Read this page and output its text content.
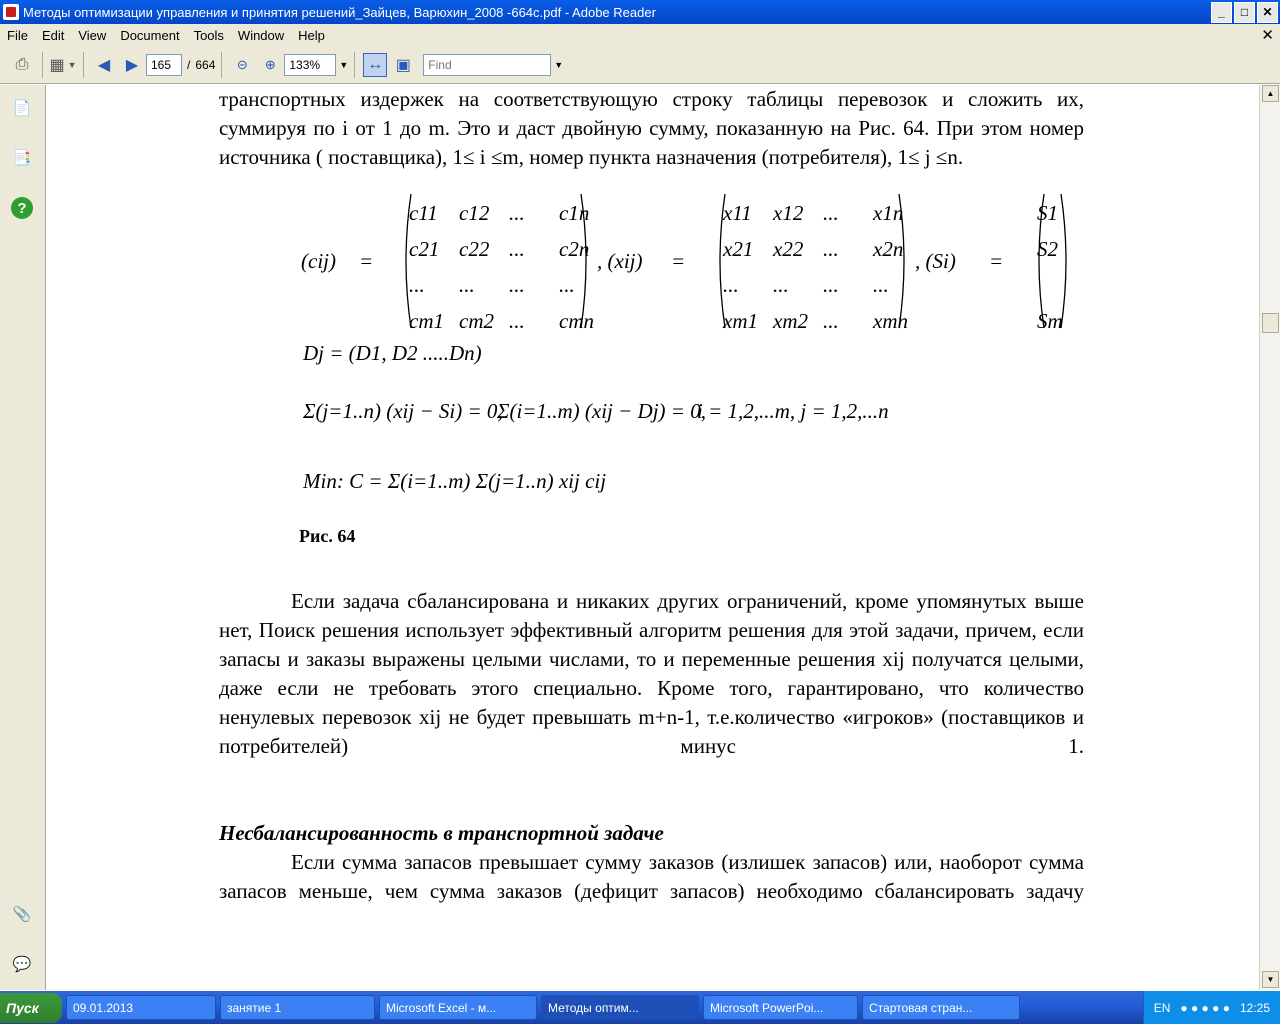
Методы оптимизации управления и принятия решений_Зайцев, Варюхин_2008 -664с.pdf - Adobe Reader	_	□	✕
File	Edit	View	Document	Tools	Window	Help	✕
⎙	▦ ▼	◀ ▶
165	/ 664	⊝	⊕
133%	▼ ↔ ▣
Find	▼
📄
📑
?
📎
💬
транспортных издержек на соответствующую строку таблицы перевозок и сложить их, суммируя по i от 1 до m. Это и даст двойную сумму, показанную на Рис. 64. При этом номер источника ( поставщика), 1≤ i ≤m, номер пункта назначения (потребителя), 1≤ j ≤n.
(cij) =
c11 c12 ... c1n
c21 c22 ... c2n
... ... ... ...
cm1 cm2 ... cmn
, (xij) =
x11 x12 ... x1n
x21 x22 ... x2n
... ... ... ...
xm1 xm2 ... xmn
, (Si) =
S1
S2
Sm
Dj = (D1, D2 .....Dn)
Σ(j=1..n) (xij − Si) = 0,
Σ(i=1..m) (xij − Dj) = 0,
i = 1,2,...m, j = 1,2,...n
Min: C = Σ(i=1..m) Σ(j=1..n) xij cij
Рис. 64
Если задача сбалансирована и никаких других ограничений, кроме упомянутых выше нет, Поиск решения использует эффективный алгоритм решения для этой задачи, причем, если запасы и заказы выражены целыми числами, то и переменные решения xij получатся целыми, даже если не требовать этого специально. Кроме того, гарантировано, что количество ненулевых перевозок xij не будет превышать m+n-1, т.е.количество «игроков» (поставщиков и потребителей) минус 1.
Несбалансированность в транспортной задаче
Если сумма запасов превышает сумму заказов (излишек запасов) или, наоборот сумма запасов меньше, чем сумма заказов (дефицит запасов) необходимо сбалансировать задачу
▲
▼
Пуск	09.01.2013	занятие 1	Microsoft Excel - м...	Методы оптим...	Microsoft PowerPoi...	Стартовая стран...	EN ● ● ● ● ● 12:25
